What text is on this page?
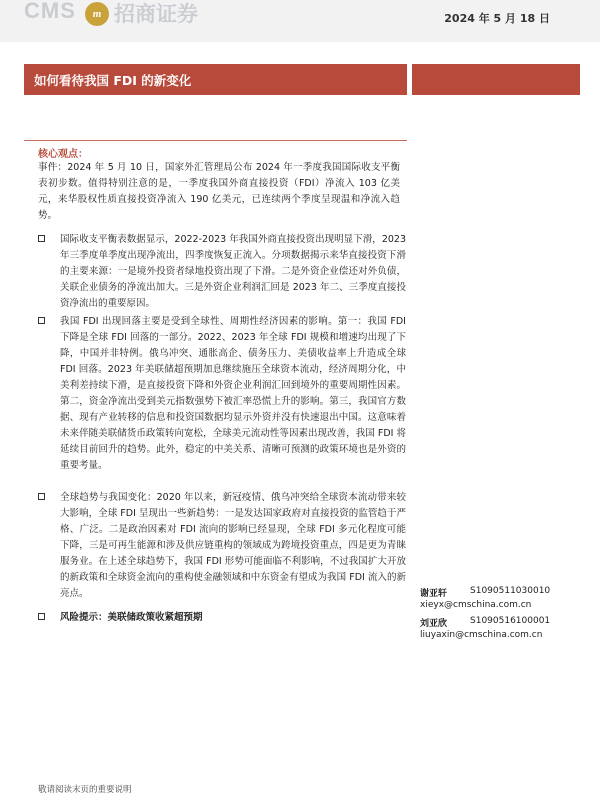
CMS	m 招商证券	2024 年 5 月 18 日
如何看待我国 FDI 的新变化
核心观点：
事件：2024 年 5 月 10 日，国家外汇管理局公布 2024 年一季度我国国际收支平衡表初步数。值得特别注意的是，一季度我国外商直接投资（FDI）净流入 103 亿美元，来华股权性质直接投资净流入 190 亿美元，已连续两个季度呈现温和净流入趋势。
国际收支平衡表数据显示，2022-2023 年我国外商直接投资出现明显下滑，2023 年三季度单季度出现净流出，四季度恢复正流入。分项数据揭示来华直接投资下滑的主要来源：一是境外投资者绿地投资出现了下滑。二是外资企业偿还对外负债，关联企业债务的净流出加大。三是外资企业利润汇回是 2023 年二、三季度直接投资净流出的重要原因。
我国 FDI 出现回落主要是受到全球性、周期性经济因素的影响。第一：我国 FDI 下降是全球 FDI 回落的一部分。2022、2023 年全球 FDI 规模和增速均出现了下降，中国并非特例。俄乌冲突、通胀高企、债务压力、美债收益率上升造成全球 FDI 回落。2023 年美联储超预期加息继续施压全球资本流动，经济周期分化，中美利差持续下滑，是直接投资下降和外资企业利润汇回到境外的重要周期性因素。第二，资金净流出受到美元指数强势下被汇率恐慌上升的影响。第三，我国官方数据、现有产业转移的信息和投资国数据均显示外资并没有快速退出中国。这意味着未来伴随美联储货币政策转向宽松，全球美元流动性等因素出现改善，我国 FDI 将延续目前回升的趋势。此外，稳定的中美关系、清晰可预测的政策环境也是外资的重要考量。
全球趋势与我国变化：2020 年以来，新冠疫情、俄乌冲突给全球资本流动带来较大影响，全球 FDI 呈现出一些新趋势：一是发达国家政府对直接投资的监管趋于严格、广泛。二是政治因素对 FDI 流向的影响已经显现，全球 FDI 多元化程度可能下降，三是可再生能源和涉及供应链重构的领域成为跨境投资重点，四是更为青睐服务业。在上述全球趋势下，我国 FDI 形势可能面临不利影响，不过我国扩大开放的新政策和全球资金流向的重构使金融领域和中东资金有望成为我国 FDI 流入的新亮点。
风险提示：美联储政策收紧超预期
谢亚轩	S1090511030010
xieyx@cmschina.com.cn
刘亚欣	S1090516100001
liuyaxin@cmschina.com.cn
敬请阅读末页的重要说明
